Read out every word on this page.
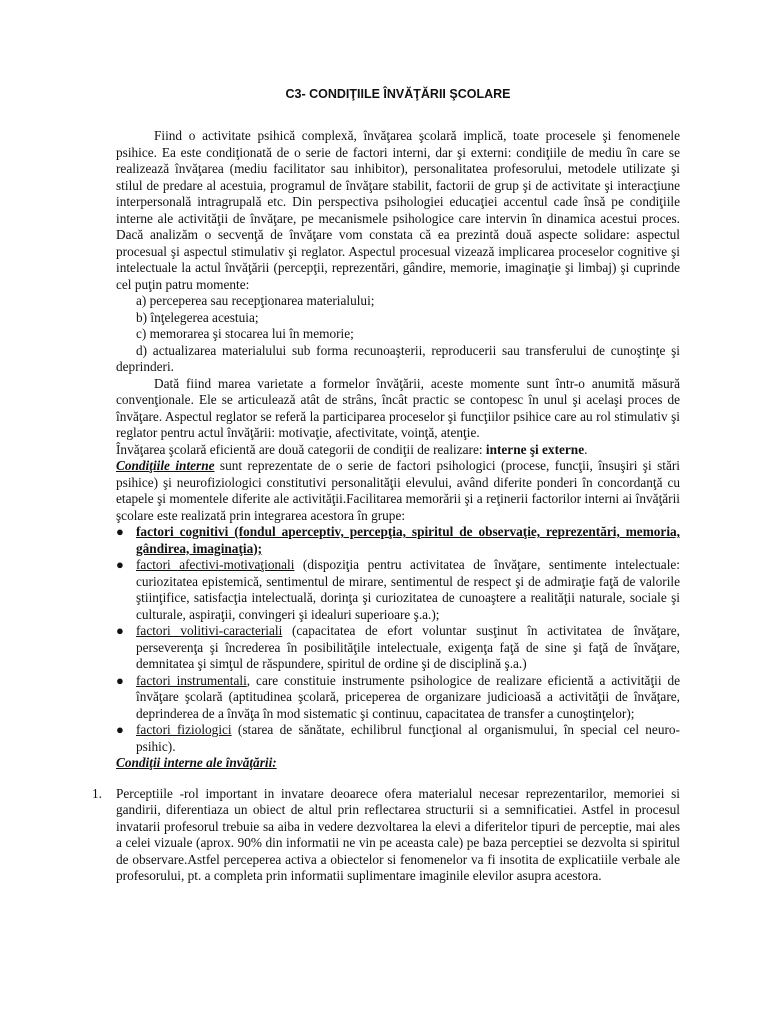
C3- CONDIŢIILE ÎNVĂŢĂRII ŞCOLARE

Fiind o activitate psihică complexă, învăţarea şcolară implică, toate procesele şi fenomenele psihice. Ea este condiţionată de o serie de factori interni, dar şi externi: condiţiile de mediu în care se realizează învăţarea (mediu facilitator sau inhibitor), personalitatea profesorului, metodele utilizate şi stilul de predare al acestuia, programul de învăţare stabilit, factorii de grup şi de activitate şi interacţiune interpersonală intragrupală etc. Din perspectiva psihologiei educaţiei accentul cade însă pe condiţiile interne ale activităţii de învăţare, pe mecanismele psihologice care intervin în dinamica acestui proces. Dacă analizăm o secvenţă de învăţare vom constata că ea prezintă două aspecte solidare: aspectul procesual şi aspectul stimulativ şi reglator. Aspectul procesual vizează implicarea proceselor cognitive şi intelectuale la actul învăţării (percepţii, reprezentări, gândire, memorie, imaginaţie şi limbaj) şi cuprinde cel puţin patru momente:

a) perceperea sau recepţionarea materialului;

b) înţelegerea acestuia;

c) memorarea şi stocarea lui în memorie;

d) actualizarea materialului sub forma recunoaşterii, reproducerii sau transferului de cunoştinţe şi deprinderi.

Dată fiind marea varietate a formelor învăţării, aceste momente sunt într-o anumită măsură convenţionale. Ele se articulează atât de strâns, încât practic se contopesc în unul şi acelaşi proces de învăţare. Aspectul reglator se referă la participarea proceselor şi funcţiilor psihice care au rol stimulativ şi reglator pentru actul învăţării: motivaţie, afectivitate, voinţă, atenţie.

Învăţarea şcolară eficientă are două categorii de condiţii de realizare: interne şi externe.

Condiţiile interne sunt reprezentate de o serie de factori psihologici (procese, funcţii, însuşiri şi stări psihice) şi neurofiziologici constitutivi personalităţii elevului, având diferite ponderi în concordanţă cu etapele şi momentele diferite ale activităţii.Facilitarea memorării şi a reţinerii factorilor interni ai învăţării şcolare este realizată prin integrarea acestora în grupe:

● factori cognitivi (fondul aperceptiv, percepţia, spiritul de observaţie, reprezentări, memoria, gândirea, imaginaţia);
● factori afectivi-motivaţionali (dispoziţia pentru activitatea de învăţare, sentimente intelectuale: curiozitatea epistemică, sentimentul de mirare, sentimentul de respect şi de admiraţie faţă de valorile ştiinţifice, satisfacţia intelectuală, dorinţa şi curiozitatea de cunoaştere a realităţii naturale, sociale şi culturale, aspiraţii, convingeri şi idealuri superioare ş.a.);
● factori volitivi-caracteriali (capacitatea de efort voluntar susţinut în activitatea de învăţare, perseverenţa şi încrederea în posibilităţile intelectuale, exigenţa faţă de sine şi faţă de învăţare, demnitatea şi simţul de răspundere, spiritul de ordine şi de disciplină ş.a.)
● factori instrumentali, care constituie instrumente psihologice de realizare eficientă a activităţii de învăţare şcolară (aptitudinea şcolară, priceperea de organizare judicioasă a activităţii de învăţare, deprinderea de a învăţa în mod sistematic şi continuu, capacitatea de transfer a cunoştinţelor);
● factori fiziologici (starea de sănătate, echilibrul funcţional al organismului, în special cel neuro-psihic).

Condiţii interne ale învăţării:

1. Perceptiile -rol important in invatare deoarece ofera materialul necesar reprezentarilor, memoriei si gandirii, diferentiaza un obiect de altul prin reflectarea structurii si a semnificatiei. Astfel in procesul invatarii profesorul trebuie sa aiba in vedere dezvoltarea la elevi a diferitelor tipuri de perceptie, mai ales a celei vizuale (aprox. 90% din informatii ne vin pe aceasta cale) pe baza perceptiei se dezvolta si spiritul de observare.Astfel perceperea activa a obiectelor si fenomenelor va fi insotita de explicatiile verbale ale profesorului, pt. a completa prin informatii suplimentare imaginile elevilor asupra acestora.
